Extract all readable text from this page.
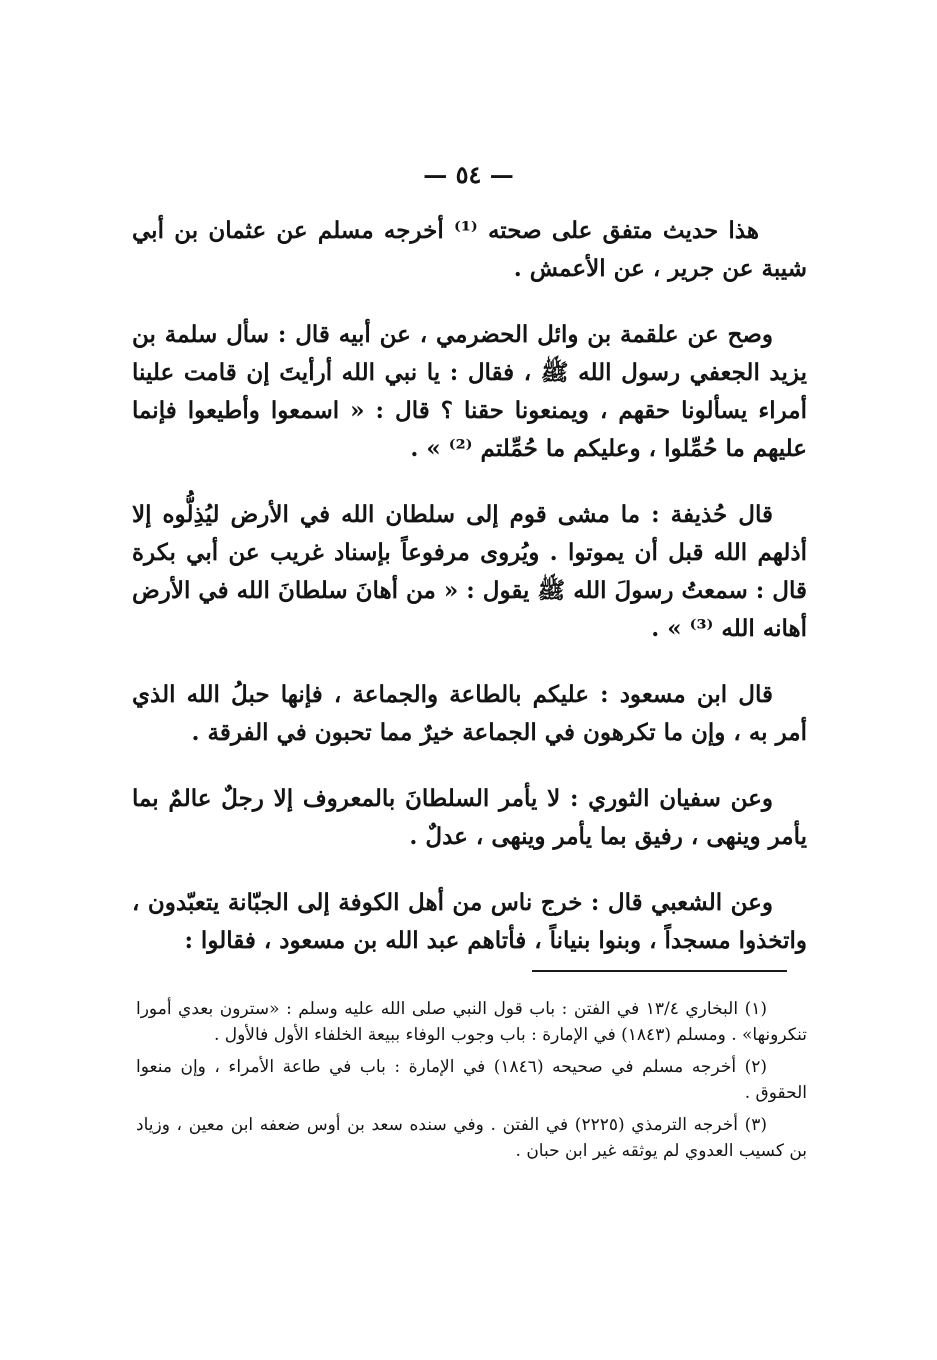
— ٥٤ —

هذا حديث متفق على صحته ⁽¹⁾ أخرجه مسلم عن عثمان بن أبي شيبة عن جرير ، عن الأعمش .

وصح عن علقمة بن وائل الحضرمي ، عن أبيه قال : سأل سلمة بن يزيد الجعفي رسول الله ﷺ ، فقال : يا نبي الله أرأيتَ إن قامت علينا أمراء يسألونا حقهم ، ويمنعونا حقنا ؟ قال : « اسمعوا وأطيعوا فإنما عليهم ما حُمِّلوا ، وعليكم ما حُمِّلتم ⁽²⁾ » .

قال حُذيفة : ما مشى قوم إلى سلطان الله في الأرض ليُذِلُّوه إلا أذلهم الله قبل أن يموتوا . ويُروى مرفوعاً بإسناد غريب عن أبي بكرة قال : سمعتُ رسولَ الله ﷺ يقول : « من أهانَ سلطانَ الله في الأرض أهانه الله ⁽³⁾ » .

قال ابن مسعود : عليكم بالطاعة والجماعة ، فإنها حبلُ الله الذي أمر به ، وإن ما تكرهون في الجماعة خيرٌ مما تحبون في الفرقة .

وعن سفيان الثوري : لا يأمر السلطانَ بالمعروف إلا رجلٌ عالمٌ بما يأمر وينهى ، رفيق بما يأمر وينهى ، عدلٌ .

وعن الشعبي قال : خرج ناس من أهل الكوفة إلى الجبّانة يتعبّدون ، واتخذوا مسجداً ، وبنوا بنياناً ، فأتاهم عبد الله بن مسعود ، فقالوا :

(١) البخاري ١٣/٤ في الفتن : باب قول النبي صلى الله عليه وسلم : «سترون بعدي أمورا تنكرونها» . ومسلم (١٨٤٣) في الإمارة : باب وجوب الوفاء ببيعة الخلفاء الأول فالأول .

(٢) أخرجه مسلم في صحيحه (١٨٤٦) في الإمارة : باب في طاعة الأمراء ، وإن منعوا الحقوق .

(٣) أخرجه الترمذي (٢٢٢٥) في الفتن . وفي سنده سعد بن أوس ضعفه ابن معين ، وزياد بن كسيب العدوي لم يوثقه غير ابن حبان .
